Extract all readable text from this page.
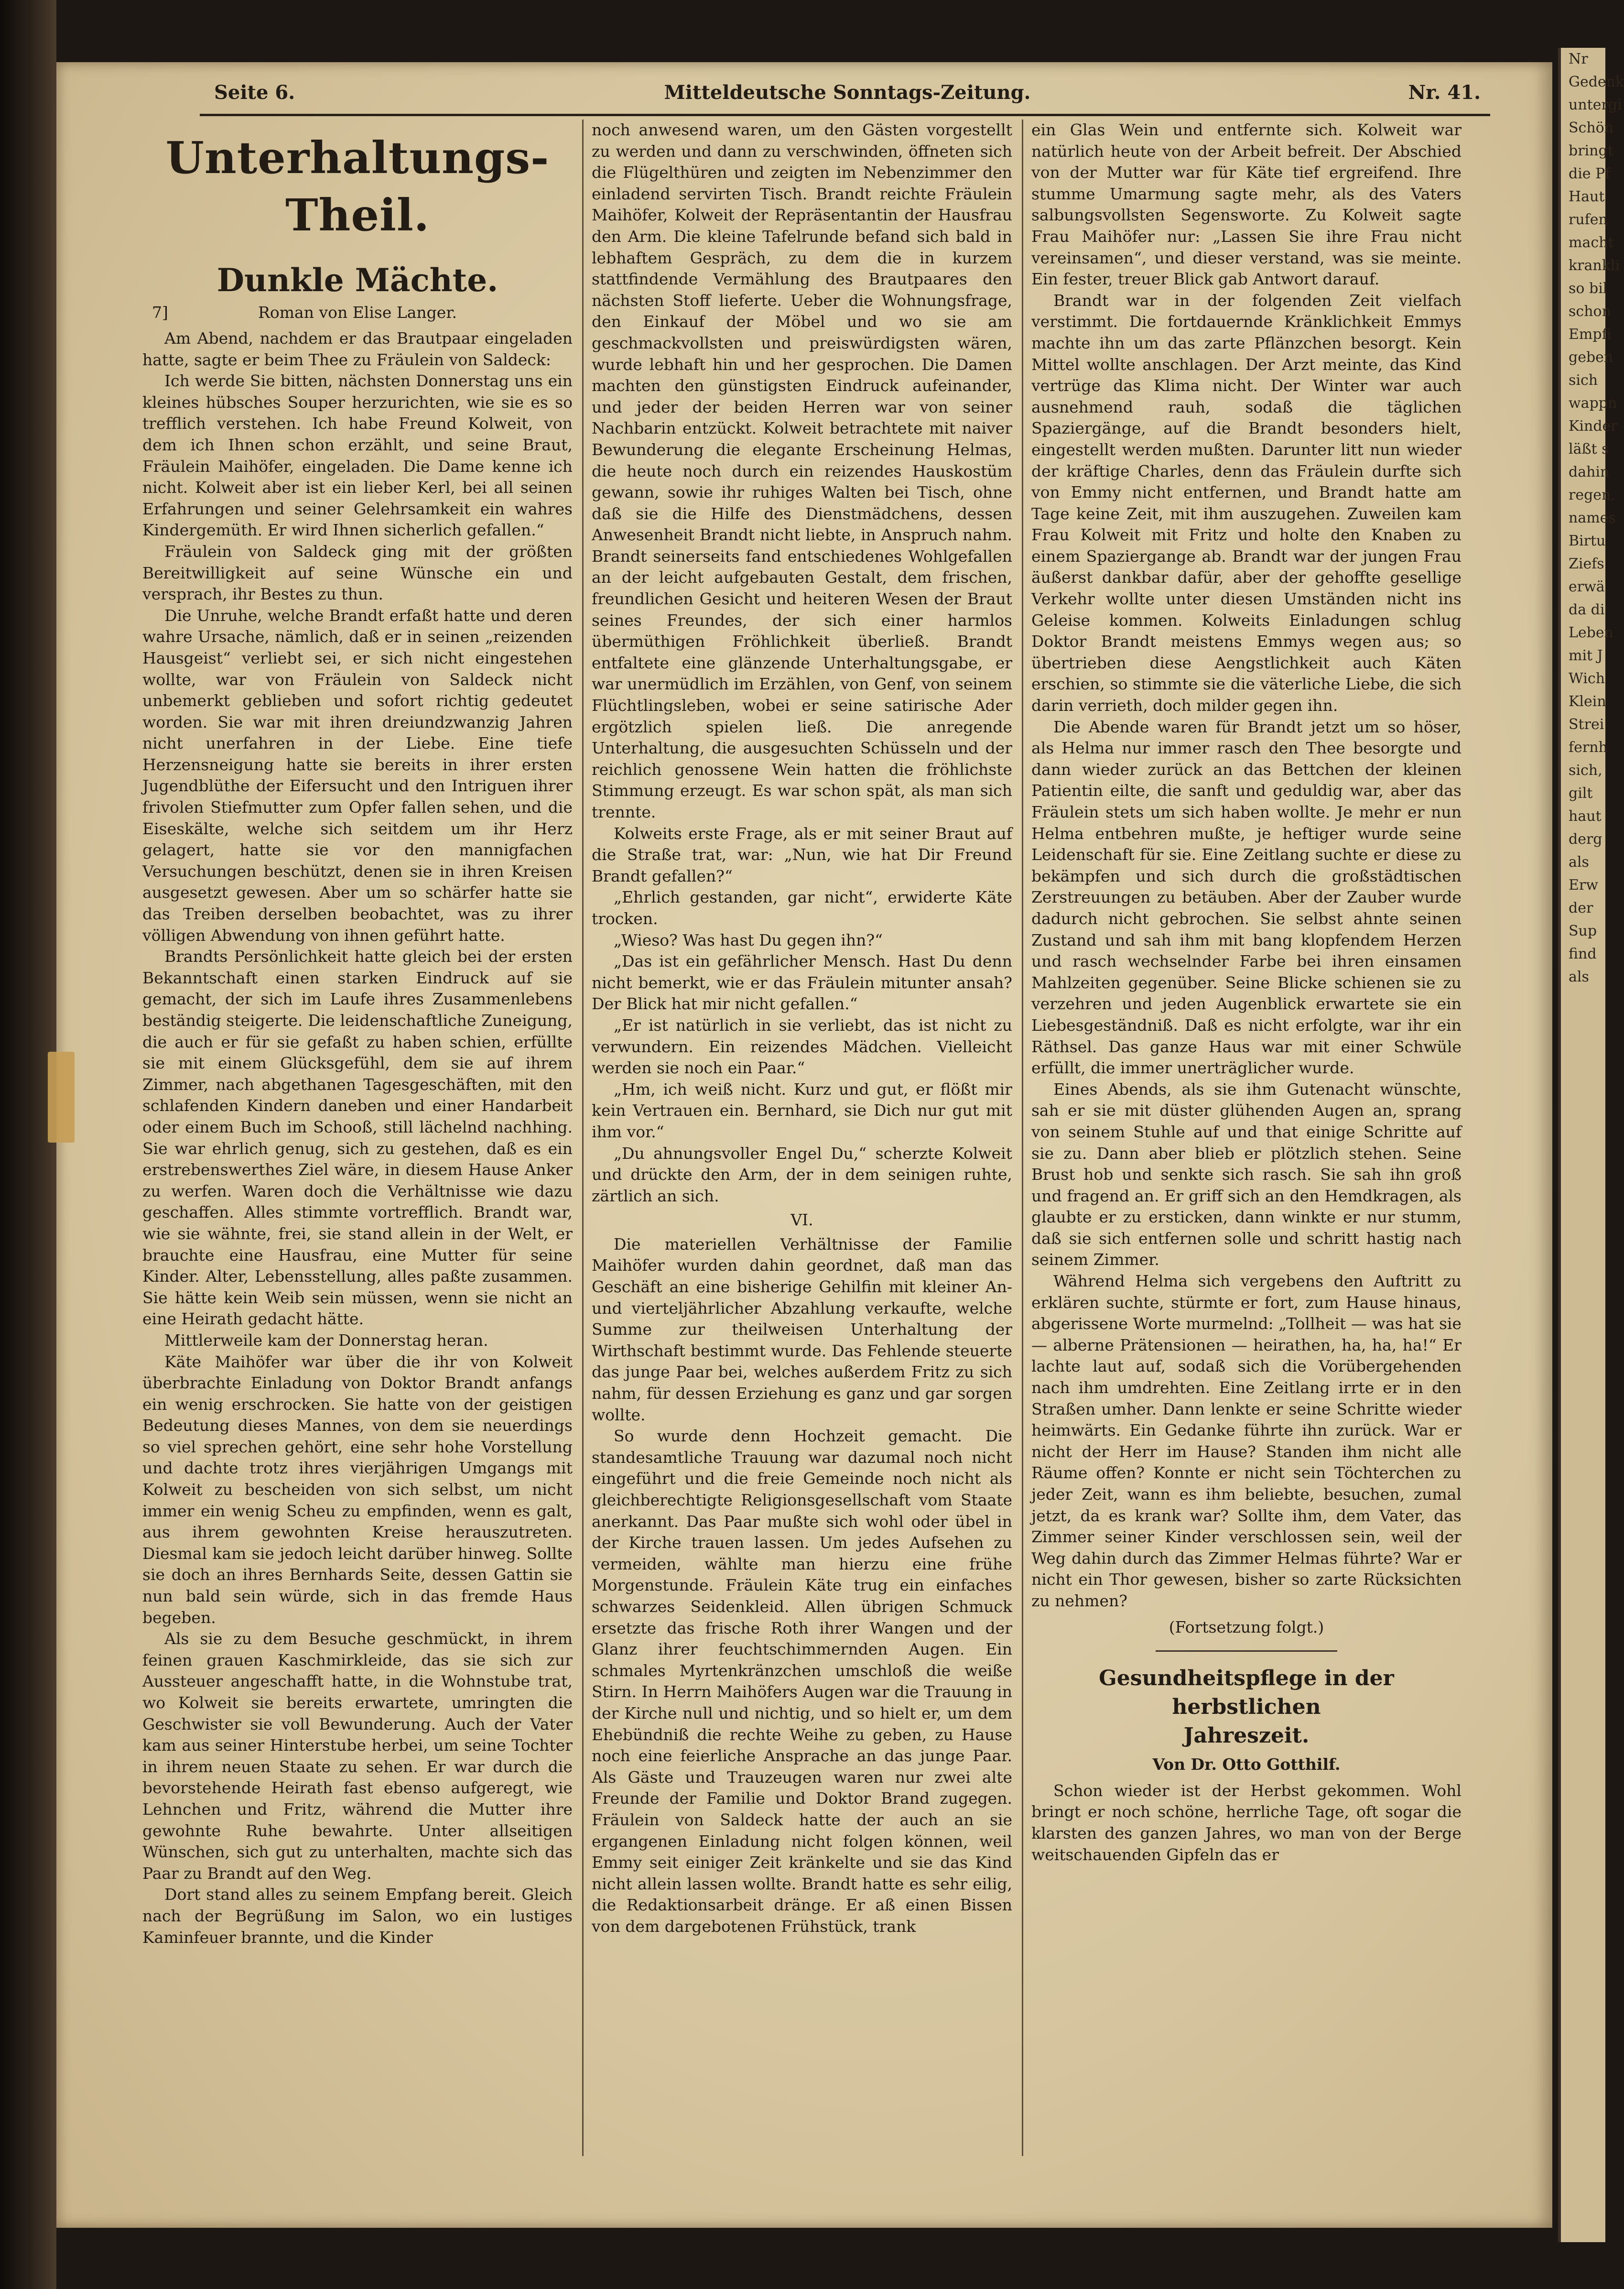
Nr
Gedenk
untergi
Schön
bringt
die Pf
Haut
rufen
macht
krankli
so bil
schon
Empfi
geben
sich
wappn
Kinder
läßt s
dahin
regen,
names
Birtu
Ziefs
erwä
da di
Leben
mit J
Wich
Klein
Strei
fernh
sich,
gilt
haut
derg
als
Erw
der
Sup
find
als
Seite 6.	Mitteldeutsche Sonntags-Zeitung.	Nr. 41.
Unterhaltungs-Theil.
Dunkle Mächte.
7]	Roman von Elise Langer.

Am Abend, nachdem er das Brautpaar eingeladen hatte, sagte er beim Thee zu Fräulein von Saldeck:

Ich werde Sie bitten, nächsten Donnerstag uns ein kleines hübsches Souper herzurichten, wie sie es so trefflich verstehen. Ich habe Freund Kolweit, von dem ich Ihnen schon erzählt, und seine Braut, Fräulein Maihöfer, eingeladen. Die Dame kenne ich nicht. Kolweit aber ist ein lieber Kerl, bei all seinen Erfahrungen und seiner Gelehrsamkeit ein wahres Kindergemüth. Er wird Ihnen sicherlich gefallen.“

Fräulein von Saldeck ging mit der größten Bereitwilligkeit auf seine Wünsche ein und versprach, ihr Bestes zu thun.

Die Unruhe, welche Brandt erfaßt hatte und deren wahre Ursache, nämlich, daß er in seinen „reizenden Hausgeist“ verliebt sei, er sich nicht eingestehen wollte, war von Fräulein von Saldeck nicht unbemerkt geblieben und sofort richtig gedeutet worden. Sie war mit ihren dreiundzwanzig Jahren nicht unerfahren in der Liebe. Eine tiefe Herzensneigung hatte sie bereits in ihrer ersten Jugendblüthe der Eifersucht und den Intriguen ihrer frivolen Stiefmutter zum Opfer fallen sehen, und die Eiseskälte, welche sich seitdem um ihr Herz gelagert, hatte sie vor den mannigfachen Versuchungen beschützt, denen sie in ihren Kreisen ausgesetzt gewesen. Aber um so schärfer hatte sie das Treiben derselben beobachtet, was zu ihrer völligen Abwendung von ihnen geführt hatte.

Brandts Persönlichkeit hatte gleich bei der ersten Bekanntschaft einen starken Eindruck auf sie gemacht, der sich im Laufe ihres Zusammenlebens beständig steigerte. Die leidenschaftliche Zuneigung, die auch er für sie gefaßt zu haben schien, erfüllte sie mit einem Glücksgefühl, dem sie auf ihrem Zimmer, nach abgethanen Tagesgeschäften, mit den schlafenden Kindern daneben und einer Handarbeit oder einem Buch im Schooß, still lächelnd nachhing. Sie war ehrlich genug, sich zu gestehen, daß es ein erstrebenswerthes Ziel wäre, in diesem Hause Anker zu werfen. Waren doch die Verhältnisse wie dazu geschaffen. Alles stimmte vortrefflich. Brandt war, wie sie wähnte, frei, sie stand allein in der Welt, er brauchte eine Hausfrau, eine Mutter für seine Kinder. Alter, Lebensstellung, alles paßte zusammen. Sie hätte kein Weib sein müssen, wenn sie nicht an eine Heirath gedacht hätte.

Mittlerweile kam der Donnerstag heran.

Käte Maihöfer war über die ihr von Kolweit überbrachte Einladung von Doktor Brandt anfangs ein wenig erschrocken. Sie hatte von der geistigen Bedeutung dieses Mannes, von dem sie neuerdings so viel sprechen gehört, eine sehr hohe Vorstellung und dachte trotz ihres vierjährigen Umgangs mit Kolweit zu bescheiden von sich selbst, um nicht immer ein wenig Scheu zu empfinden, wenn es galt, aus ihrem gewohnten Kreise herauszutreten. Diesmal kam sie jedoch leicht darüber hinweg. Sollte sie doch an ihres Bernhards Seite, dessen Gattin sie nun bald sein würde, sich in das fremde Haus begeben.

Als sie zu dem Besuche geschmückt, in ihrem feinen grauen Kaschmirkleide, das sie sich zur Aussteuer angeschafft hatte, in die Wohnstube trat, wo Kolweit sie bereits erwartete, umringten die Geschwister sie voll Bewunderung. Auch der Vater kam aus seiner Hinterstube herbei, um seine Tochter in ihrem neuen Staate zu sehen. Er war durch die bevorstehende Heirath fast ebenso aufgeregt, wie Lehnchen und Fritz, während die Mutter ihre gewohnte Ruhe bewahrte. Unter allseitigen Wünschen, sich gut zu unterhalten, machte sich das Paar zu Brandt auf den Weg.

Dort stand alles zu seinem Empfang bereit. Gleich nach der Begrüßung im Salon, wo ein lustiges Kaminfeuer brannte, und die Kinder

noch anwesend waren, um den Gästen vorgestellt zu werden und dann zu verschwinden, öffneten sich die Flügelthüren und zeigten im Nebenzimmer den einladend servirten Tisch. Brandt reichte Fräulein Maihöfer, Kolweit der Repräsentantin der Hausfrau den Arm. Die kleine Tafelrunde befand sich bald in lebhaftem Gespräch, zu dem die in kurzem stattfindende Vermählung des Brautpaares den nächsten Stoff lieferte. Ueber die Wohnungsfrage, den Einkauf der Möbel und wo sie am geschmackvollsten und preiswürdigsten wären, wurde lebhaft hin und her gesprochen. Die Damen machten den günstigsten Eindruck aufeinander, und jeder der beiden Herren war von seiner Nachbarin entzückt. Kolweit betrachtete mit naiver Bewunderung die elegante Erscheinung Helmas, die heute noch durch ein reizendes Hauskostüm gewann, sowie ihr ruhiges Walten bei Tisch, ohne daß sie die Hilfe des Dienstmädchens, dessen Anwesenheit Brandt nicht liebte, in Anspruch nahm. Brandt seinerseits fand entschiedenes Wohlgefallen an der leicht aufgebauten Gestalt, dem frischen, freundlichen Gesicht und heiteren Wesen der Braut seines Freundes, der sich einer harmlos übermüthigen Fröhlichkeit überließ. Brandt entfaltete eine glänzende Unterhaltungsgabe, er war unermüdlich im Erzählen, von Genf, von seinem Flüchtlingsleben, wobei er seine satirische Ader ergötzlich spielen ließ. Die anregende Unterhaltung, die ausgesuchten Schüsseln und der reichlich genossene Wein hatten die fröhlichste Stimmung erzeugt. Es war schon spät, als man sich trennte.

Kolweits erste Frage, als er mit seiner Braut auf die Straße trat, war: „Nun, wie hat Dir Freund Brandt gefallen?“

„Ehrlich gestanden, gar nicht“, erwiderte Käte trocken.

„Wieso? Was hast Du gegen ihn?“

„Das ist ein gefährlicher Mensch. Hast Du denn nicht bemerkt, wie er das Fräulein mitunter ansah? Der Blick hat mir nicht gefallen.“

„Er ist natürlich in sie verliebt, das ist nicht zu verwundern. Ein reizendes Mädchen. Vielleicht werden sie noch ein Paar.“

„Hm, ich weiß nicht. Kurz und gut, er flößt mir kein Vertrauen ein. Bernhard, sie Dich nur gut mit ihm vor.“

„Du ahnungsvoller Engel Du,“ scherzte Kolweit und drückte den Arm, der in dem seinigen ruhte, zärtlich an sich.

VI.

Die materiellen Verhältnisse der Familie Maihöfer wurden dahin geordnet, daß man das Geschäft an eine bisherige Gehilfin mit kleiner An- und vierteljährlicher Abzahlung verkaufte, welche Summe zur theilweisen Unterhaltung der Wirthschaft bestimmt wurde. Das Fehlende steuerte das junge Paar bei, welches außerdem Fritz zu sich nahm, für dessen Erziehung es ganz und gar sorgen wollte.

So wurde denn Hochzeit gemacht. Die standesamtliche Trauung war dazumal noch nicht eingeführt und die freie Gemeinde noch nicht als gleichberechtigte Religionsgesellschaft vom Staate anerkannt. Das Paar mußte sich wohl oder übel in der Kirche trauen lassen. Um jedes Aufsehen zu vermeiden, wählte man hierzu eine frühe Morgenstunde. Fräulein Käte trug ein einfaches schwarzes Seidenkleid. Allen übrigen Schmuck ersetzte das frische Roth ihrer Wangen und der Glanz ihrer feuchtschimmernden Augen. Ein schmales Myrtenkränzchen umschloß die weiße Stirn. In Herrn Maihöfers Augen war die Trauung in der Kirche null und nichtig, und so hielt er, um dem Ehebündniß die rechte Weihe zu geben, zu Hause noch eine feierliche Ansprache an das junge Paar. Als Gäste und Trauzeugen waren nur zwei alte Freunde der Familie und Doktor Brand zugegen. Fräulein von Saldeck hatte der auch an sie ergangenen Einladung nicht folgen können, weil Emmy seit einiger Zeit kränkelte und sie das Kind nicht allein lassen wollte. Brandt hatte es sehr eilig, die Redaktionsarbeit dränge. Er aß einen Bissen von dem dargebotenen Frühstück, trank

ein Glas Wein und entfernte sich. Kolweit war natürlich heute von der Arbeit befreit. Der Abschied von der Mutter war für Käte tief ergreifend. Ihre stumme Umarmung sagte mehr, als des Vaters salbungsvollsten Segensworte. Zu Kolweit sagte Frau Maihöfer nur: „Lassen Sie ihre Frau nicht vereinsamen“, und dieser verstand, was sie meinte. Ein fester, treuer Blick gab Antwort darauf.

Brandt war in der folgenden Zeit vielfach verstimmt. Die fortdauernde Kränklichkeit Emmys machte ihn um das zarte Pflänzchen besorgt. Kein Mittel wollte anschlagen. Der Arzt meinte, das Kind vertrüge das Klima nicht. Der Winter war auch ausnehmend rauh, sodaß die täglichen Spaziergänge, auf die Brandt besonders hielt, eingestellt werden mußten. Darunter litt nun wieder der kräftige Charles, denn das Fräulein durfte sich von Emmy nicht entfernen, und Brandt hatte am Tage keine Zeit, mit ihm auszugehen. Zuweilen kam Frau Kolweit mit Fritz und holte den Knaben zu einem Spaziergange ab. Brandt war der jungen Frau äußerst dankbar dafür, aber der gehoffte gesellige Verkehr wollte unter diesen Umständen nicht ins Geleise kommen. Kolweits Einladungen schlug Doktor Brandt meistens Emmys wegen aus; so übertrieben diese Aengstlichkeit auch Käten erschien, so stimmte sie die väterliche Liebe, die sich darin verrieth, doch milder gegen ihn.

Die Abende waren für Brandt jetzt um so höser, als Helma nur immer rasch den Thee besorgte und dann wieder zurück an das Bettchen der kleinen Patientin eilte, die sanft und geduldig war, aber das Fräulein stets um sich haben wollte. Je mehr er nun Helma entbehren mußte, je heftiger wurde seine Leidenschaft für sie. Eine Zeitlang suchte er diese zu bekämpfen und sich durch die großstädtischen Zerstreuungen zu betäuben. Aber der Zauber wurde dadurch nicht gebrochen. Sie selbst ahnte seinen Zustand und sah ihm mit bang klopfendem Herzen und rasch wechselnder Farbe bei ihren einsamen Mahlzeiten gegenüber. Seine Blicke schienen sie zu verzehren und jeden Augenblick erwartete sie ein Liebesgeständniß. Daß es nicht erfolgte, war ihr ein Räthsel. Das ganze Haus war mit einer Schwüle erfüllt, die immer unerträglicher wurde.

Eines Abends, als sie ihm Gutenacht wünschte, sah er sie mit düster glühenden Augen an, sprang von seinem Stuhle auf und that einige Schritte auf sie zu. Dann aber blieb er plötzlich stehen. Seine Brust hob und senkte sich rasch. Sie sah ihn groß und fragend an. Er griff sich an den Hemdkragen, als glaubte er zu ersticken, dann winkte er nur stumm, daß sie sich entfernen solle und schritt hastig nach seinem Zimmer.

Während Helma sich vergebens den Auftritt zu erklären suchte, stürmte er fort, zum Hause hinaus, abgerissene Worte murmelnd: „Tollheit — was hat sie — alberne Prätensionen — heirathen, ha, ha, ha!“ Er lachte laut auf, sodaß sich die Vorübergehenden nach ihm umdrehten. Eine Zeitlang irrte er in den Straßen umher. Dann lenkte er seine Schritte wieder heimwärts. Ein Gedanke führte ihn zurück. War er nicht der Herr im Hause? Standen ihm nicht alle Räume offen? Konnte er nicht sein Töchterchen zu jeder Zeit, wann es ihm beliebte, besuchen, zumal jetzt, da es krank war? Sollte ihm, dem Vater, das Zimmer seiner Kinder verschlossen sein, weil der Weg dahin durch das Zimmer Helmas führte? War er nicht ein Thor gewesen, bisher so zarte Rücksichten zu nehmen?

(Fortsetzung folgt.)

Gesundheitspflege in der herbstlichen
Jahreszeit.
Von Dr. Otto Gotthilf.

Schon wieder ist der Herbst gekommen. Wohl bringt er noch schöne, herrliche Tage, oft sogar die klarsten des ganzen Jahres, wo man von der Berge weitschauenden Gipfeln das er
